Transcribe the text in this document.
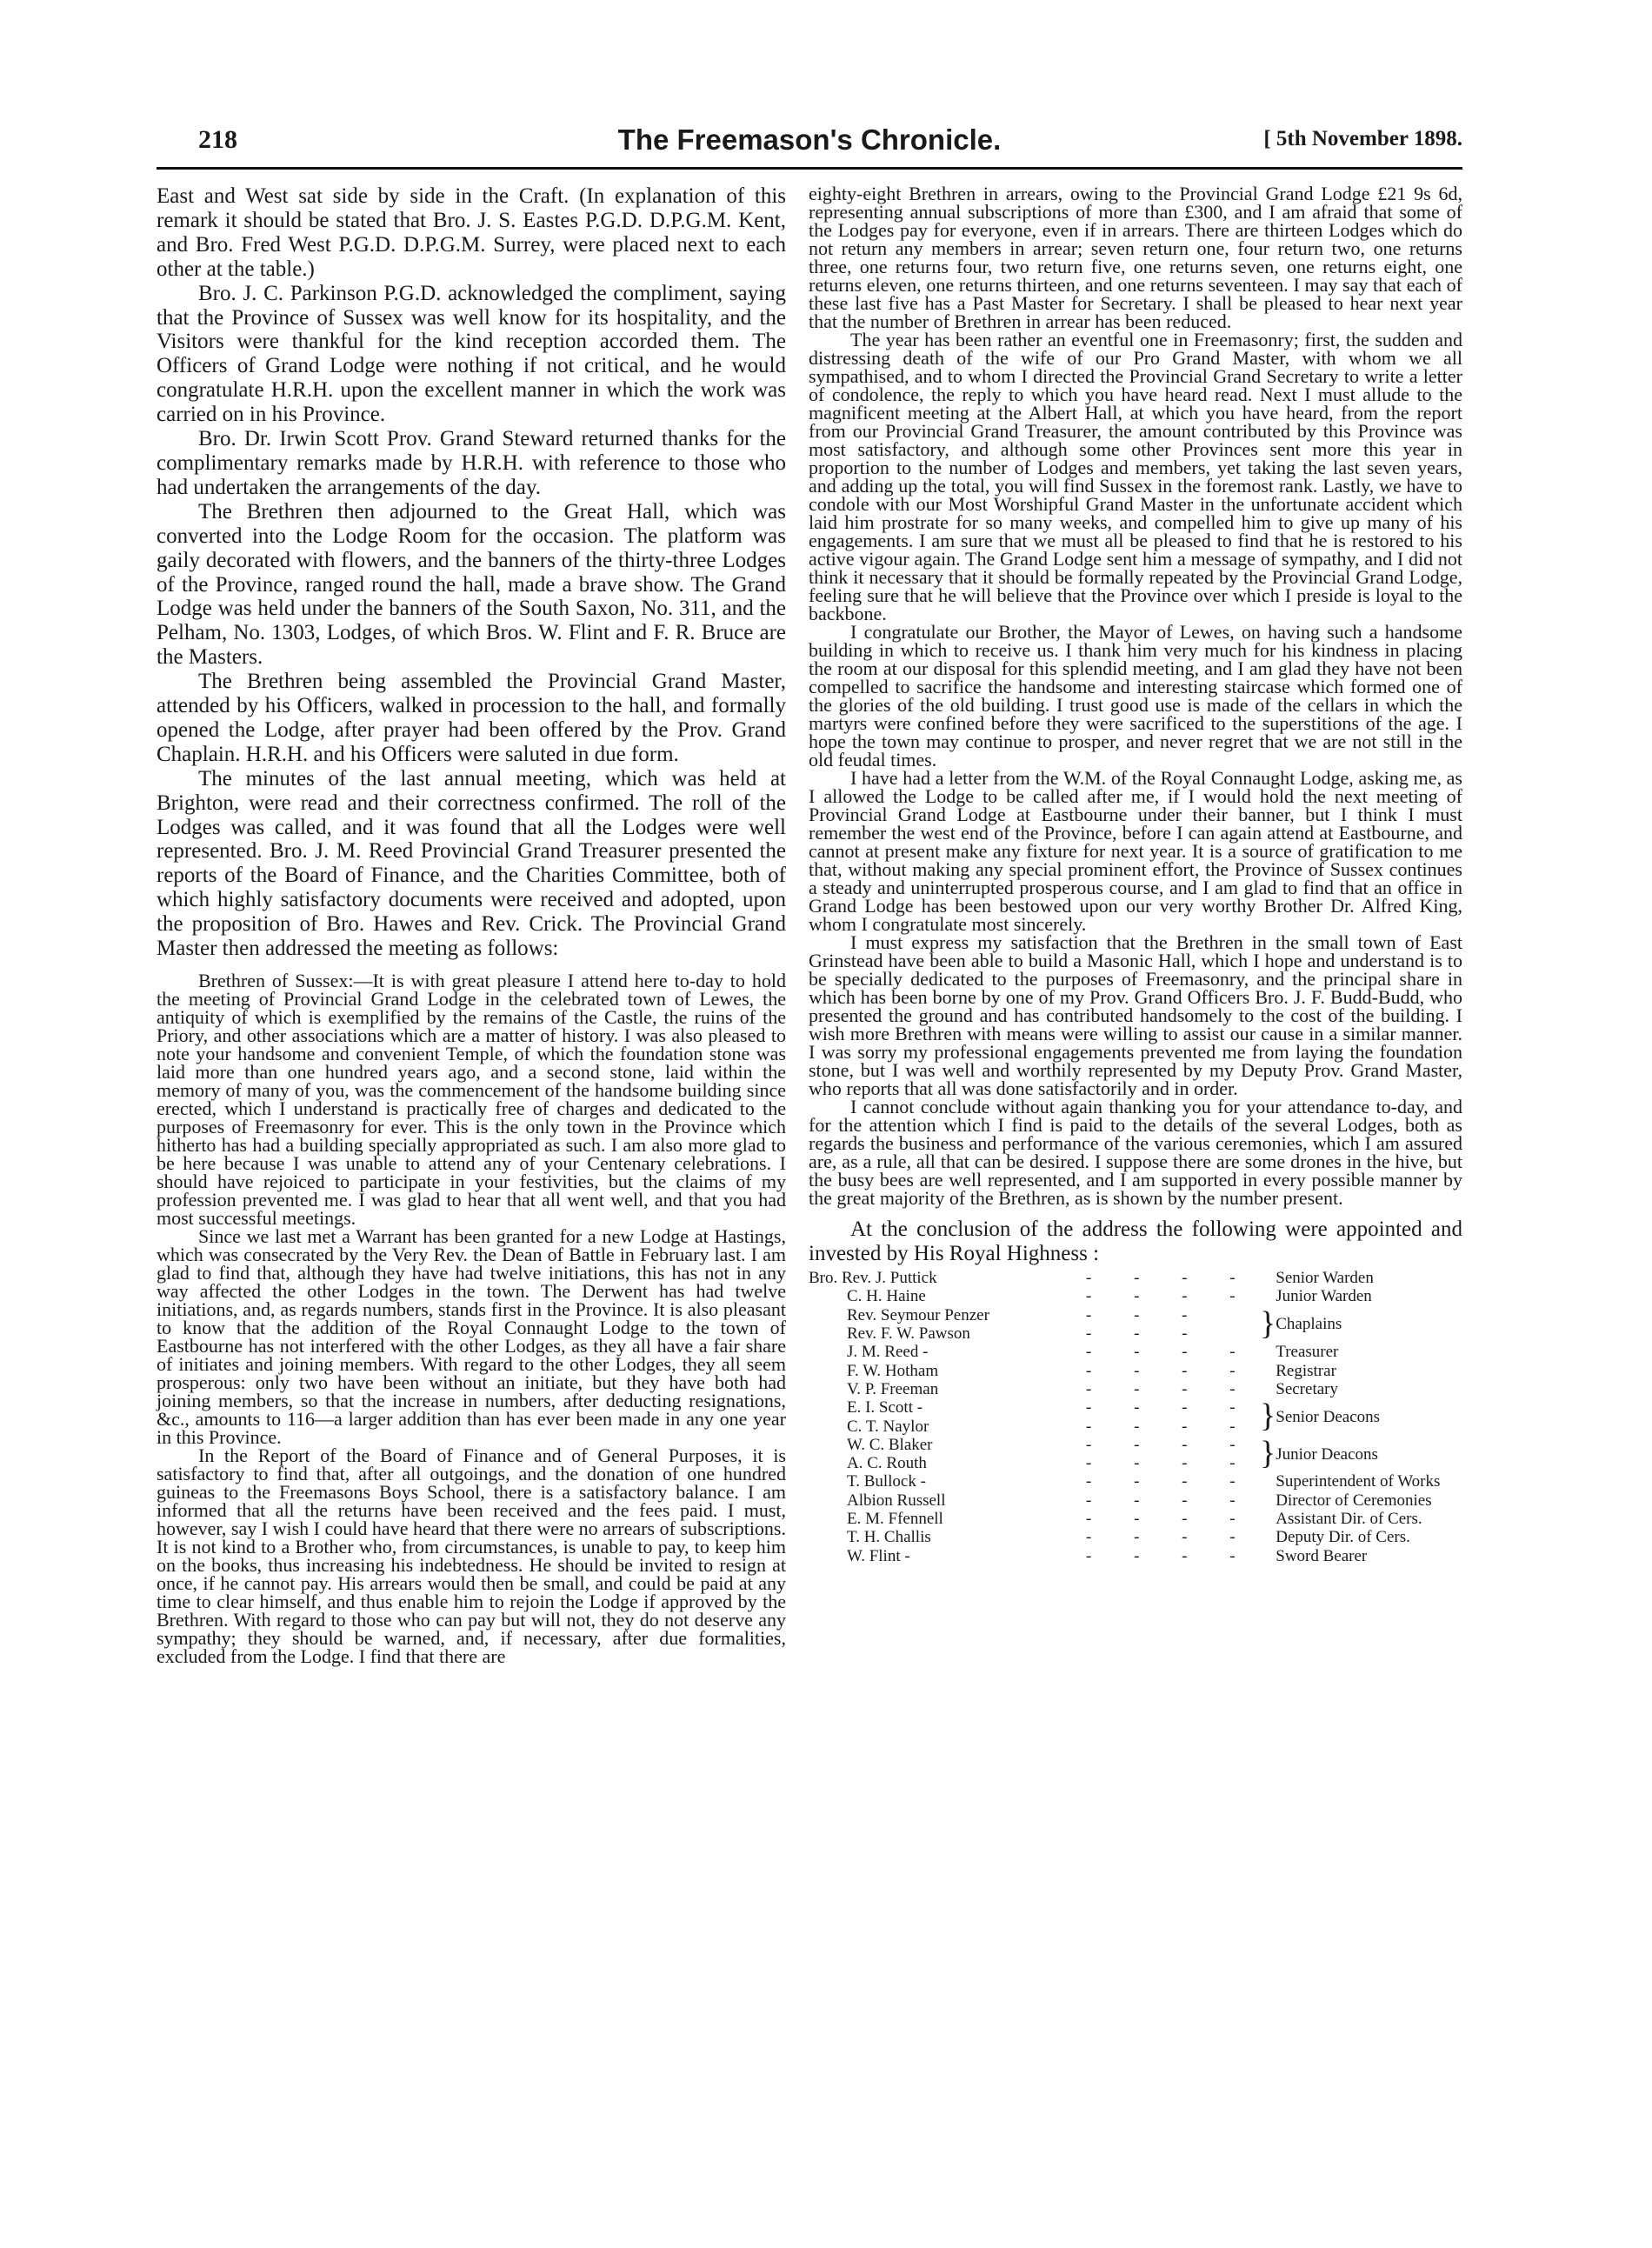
218	The Freemason's Chronicle.	[ 5th November 1898.

East and West sat side by side in the Craft. (In explanation of this remark it should be stated that Bro. J. S. Eastes P.G.D. D.P.G.M. Kent, and Bro. Fred West P.G.D. D.P.G.M. Surrey, were placed next to each other at the table.)

Bro. J. C. Parkinson P.G.D. acknowledged the compliment, saying that the Province of Sussex was well know for its hospitality, and the Visitors were thankful for the kind reception accorded them. The Officers of Grand Lodge were nothing if not critical, and he would congratulate H.R.H. upon the excellent manner in which the work was carried on in his Province.

Bro. Dr. Irwin Scott Prov. Grand Steward returned thanks for the complimentary remarks made by H.R.H. with reference to those who had undertaken the arrangements of the day.

The Brethren then adjourned to the Great Hall, which was converted into the Lodge Room for the occasion. The platform was gaily decorated with flowers, and the banners of the thirty-three Lodges of the Province, ranged round the hall, made a brave show. The Grand Lodge was held under the banners of the South Saxon, No. 311, and the Pelham, No. 1303, Lodges, of which Bros. W. Flint and F. R. Bruce are the Masters.

The Brethren being assembled the Provincial Grand Master, attended by his Officers, walked in procession to the hall, and formally opened the Lodge, after prayer had been offered by the Prov. Grand Chaplain. H.R.H. and his Officers were saluted in due form.

The minutes of the last annual meeting, which was held at Brighton, were read and their correctness confirmed. The roll of the Lodges was called, and it was found that all the Lodges were well represented. Bro. J. M. Reed Provincial Grand Treasurer presented the reports of the Board of Finance, and the Charities Committee, both of which highly satisfactory documents were received and adopted, upon the proposition of Bro. Hawes and Rev. Crick. The Provincial Grand Master then addressed the meeting as follows:

Brethren of Sussex:—It is with great pleasure I attend here to-day to hold the meeting of Provincial Grand Lodge in the celebrated town of Lewes, the antiquity of which is exemplified by the remains of the Castle, the ruins of the Priory, and other associations which are a matter of history. I was also pleased to note your handsome and convenient Temple, of which the foundation stone was laid more than one hundred years ago, and a second stone, laid within the memory of many of you, was the commencement of the handsome building since erected, which I understand is practically free of charges and dedicated to the purposes of Freemasonry for ever. This is the only town in the Province which hitherto has had a building specially appropriated as such. I am also more glad to be here because I was unable to attend any of your Centenary celebrations. I should have rejoiced to participate in your festivities, but the claims of my profession prevented me. I was glad to hear that all went well, and that you had most successful meetings.

Since we last met a Warrant has been granted for a new Lodge at Hastings, which was consecrated by the Very Rev. the Dean of Battle in February last. I am glad to find that, although they have had twelve initiations, this has not in any way affected the other Lodges in the town. The Derwent has had twelve initiations, and, as regards numbers, stands first in the Province. It is also pleasant to know that the addition of the Royal Connaught Lodge to the town of Eastbourne has not interfered with the other Lodges, as they all have a fair share of initiates and joining members. With regard to the other Lodges, they all seem prosperous: only two have been without an initiate, but they have both had joining members, so that the increase in numbers, after deducting resignations, &c., amounts to 116—a larger addition than has ever been made in any one year in this Province.

In the Report of the Board of Finance and of General Purposes, it is satisfactory to find that, after all outgoings, and the donation of one hundred guineas to the Freemasons Boys School, there is a satisfactory balance. I am informed that all the returns have been received and the fees paid. I must, however, say I wish I could have heard that there were no arrears of subscriptions. It is not kind to a Brother who, from circumstances, is unable to pay, to keep him on the books, thus increasing his indebtedness. He should be invited to resign at once, if he cannot pay. His arrears would then be small, and could be paid at any time to clear himself, and thus enable him to rejoin the Lodge if approved by the Brethren. With regard to those who can pay but will not, they do not deserve any sympathy; they should be warned, and, if necessary, after due formalities, excluded from the Lodge. I find that there are

eighty-eight Brethren in arrears, owing to the Provincial Grand Lodge £21 9s 6d, representing annual subscriptions of more than £300, and I am afraid that some of the Lodges pay for everyone, even if in arrears. There are thirteen Lodges which do not return any members in arrear; seven return one, four return two, one returns three, one returns four, two return five, one returns seven, one returns eight, one returns eleven, one returns thirteen, and one returns seventeen. I may say that each of these last five has a Past Master for Secretary. I shall be pleased to hear next year that the number of Brethren in arrear has been reduced.

The year has been rather an eventful one in Freemasonry; first, the sudden and distressing death of the wife of our Pro Grand Master, with whom we all sympathised, and to whom I directed the Provincial Grand Secretary to write a letter of condolence, the reply to which you have heard read. Next I must allude to the magnificent meeting at the Albert Hall, at which you have heard, from the report from our Provincial Grand Treasurer, the amount contributed by this Province was most satisfactory, and although some other Provinces sent more this year in proportion to the number of Lodges and members, yet taking the last seven years, and adding up the total, you will find Sussex in the foremost rank. Lastly, we have to condole with our Most Worshipful Grand Master in the unfortunate accident which laid him prostrate for so many weeks, and compelled him to give up many of his engagements. I am sure that we must all be pleased to find that he is restored to his active vigour again. The Grand Lodge sent him a message of sympathy, and I did not think it necessary that it should be formally repeated by the Provincial Grand Lodge, feeling sure that he will believe that the Province over which I preside is loyal to the backbone.

I congratulate our Brother, the Mayor of Lewes, on having such a handsome building in which to receive us. I thank him very much for his kindness in placing the room at our disposal for this splendid meeting, and I am glad they have not been compelled to sacrifice the handsome and interesting staircase which formed one of the glories of the old building. I trust good use is made of the cellars in which the martyrs were confined before they were sacrificed to the superstitions of the age. I hope the town may continue to prosper, and never regret that we are not still in the old feudal times.

I have had a letter from the W.M. of the Royal Connaught Lodge, asking me, as I allowed the Lodge to be called after me, if I would hold the next meeting of Provincial Grand Lodge at Eastbourne under their banner, but I think I must remember the west end of the Province, before I can again attend at Eastbourne, and cannot at present make any fixture for next year. It is a source of gratification to me that, without making any special prominent effort, the Province of Sussex continues a steady and uninterrupted prosperous course, and I am glad to find that an office in Grand Lodge has been bestowed upon our very worthy Brother Dr. Alfred King, whom I congratulate most sincerely.

I must express my satisfaction that the Brethren in the small town of East Grinstead have been able to build a Masonic Hall, which I hope and understand is to be specially dedicated to the purposes of Freemasonry, and the principal share in which has been borne by one of my Prov. Grand Officers Bro. J. F. Budd-Budd, who presented the ground and has contributed handsomely to the cost of the building. I wish more Brethren with means were willing to assist our cause in a similar manner. I was sorry my professional engagements prevented me from laying the foundation stone, but I was well and worthily represented by my Deputy Prov. Grand Master, who reports that all was done satisfactorily and in order.

I cannot conclude without again thanking you for your attendance to-day, and for the attention which I find is paid to the details of the several Lodges, both as regards the business and performance of the various ceremonies, which I am assured are, as a rule, all that can be desired. I suppose there are some drones in the hive, but the busy bees are well represented, and I am supported in every possible manner by the great majority of the Brethren, as is shown by the number present.

At the conclusion of the address the following were appointed and invested by His Royal Highness :

Bro. Rev. J. Puttick	- - - -		Senior Warden
C. H. Haine	- - - -		Junior Warden
Rev. Seymour Penzer	- - -	}	Chaplains
Rev. F. W. Pawson	- - -		
J. M. Reed -	- - - -		Treasurer
F. W. Hotham	- - - -		Registrar
V. P. Freeman	- - - -		Secretary
E. I. Scott -	- - - -	}	Senior Deacons
C. T. Naylor	- - - -		
W. C. Blaker	- - - -	}	Junior Deacons
A. C. Routh	- - - -		
T. Bullock -	- - - -		Superintendent of Works
Albion Russell	- - - -		Director of Ceremonies
E. M. Ffennell	- - - -		Assistant Dir. of Cers.
T. H. Challis	- - - -		Deputy Dir. of Cers.
W. Flint -	- - - -		Sword Bearer
